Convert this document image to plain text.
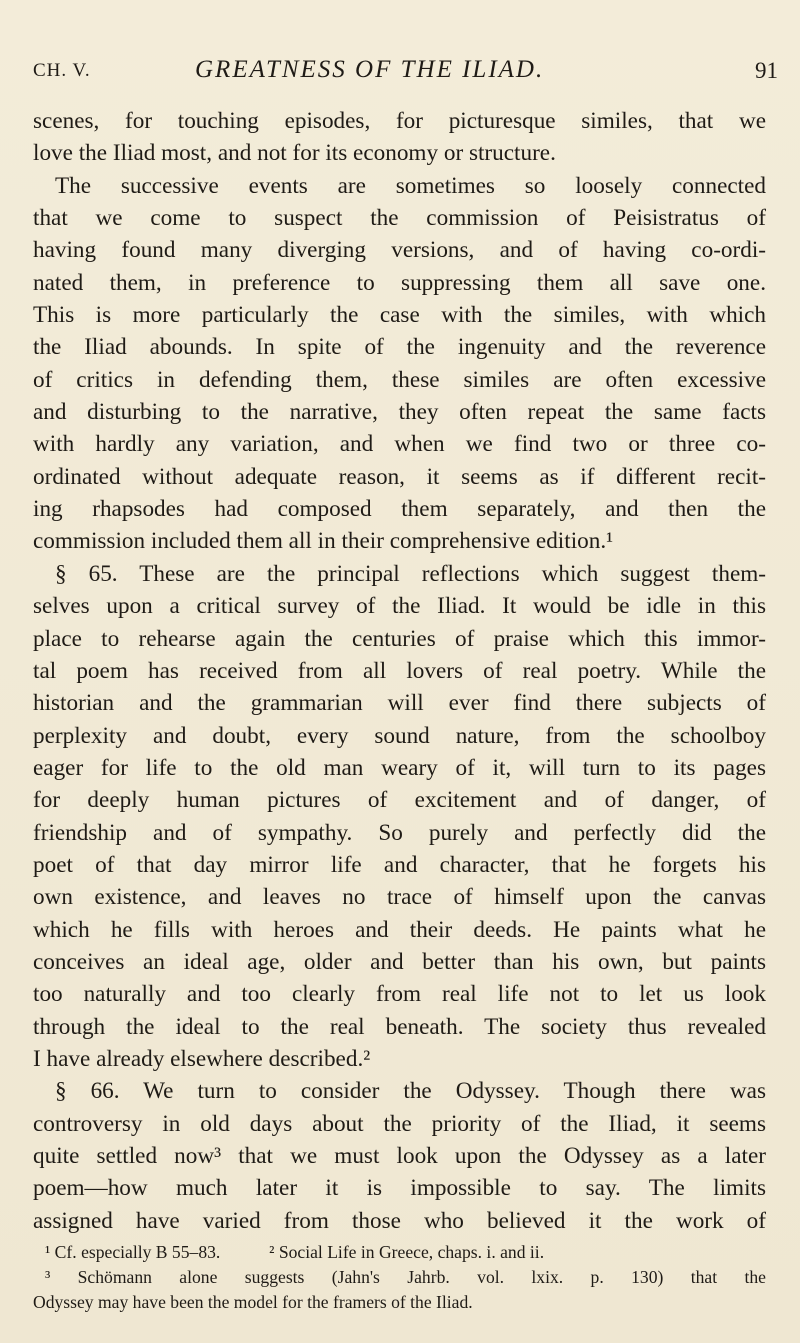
CH. V.	GREATNESS OF THE ILIAD.	91
scenes, for touching episodes, for picturesque similes, that we
love the Iliad most, and not for its economy or structure.
The successive events are sometimes so loosely connected
that we come to suspect the commission of Peisistratus of
having found many diverging versions, and of having co-ordi-
nated them, in preference to suppressing them all save one.
This is more particularly the case with the similes, with which
the Iliad abounds. In spite of the ingenuity and the reverence
of critics in defending them, these similes are often excessive
and disturbing to the narrative, they often repeat the same facts
with hardly any variation, and when we find two or three co-
ordinated without adequate reason, it seems as if different recit-
ing rhapsodes had composed them separately, and then the
commission included them all in their comprehensive edition.¹
§ 65. These are the principal reflections which suggest them-
selves upon a critical survey of the Iliad. It would be idle in this
place to rehearse again the centuries of praise which this immor-
tal poem has received from all lovers of real poetry. While the
historian and the grammarian will ever find there subjects of
perplexity and doubt, every sound nature, from the schoolboy
eager for life to the old man weary of it, will turn to its pages
for deeply human pictures of excitement and of danger, of
friendship and of sympathy. So purely and perfectly did the
poet of that day mirror life and character, that he forgets his
own existence, and leaves no trace of himself upon the canvas
which he fills with heroes and their deeds. He paints what he
conceives an ideal age, older and better than his own, but paints
too naturally and too clearly from real life not to let us look
through the ideal to the real beneath. The society thus revealed
I have already elsewhere described.²
§ 66. We turn to consider the Odyssey. Though there was
controversy in old days about the priority of the Iliad, it seems
quite settled now³ that we must look upon the Odyssey as a later
poem—how much later it is impossible to say. The limits
assigned have varied from those who believed it the work of
¹ Cf. especially B 55–83.	² Social Life in Greece, chaps. i. and ii.
³ Schömann alone suggests (Jahn's Jahrb. vol. lxix. p. 130) that the
Odyssey may have been the model for the framers of the Iliad.
